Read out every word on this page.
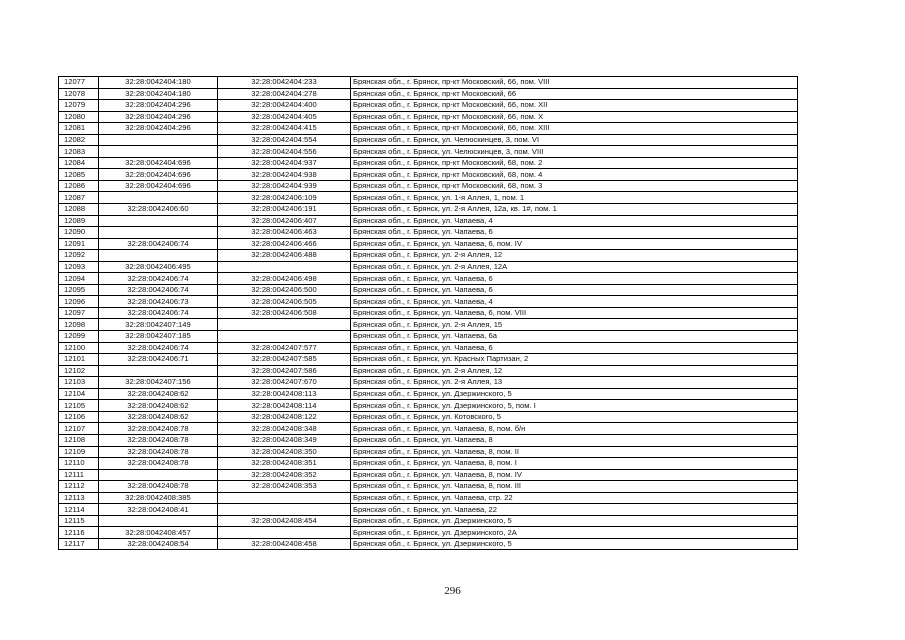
12077	32:28:0042404:180	32:28:0042404:233	Брянская обл., г. Брянск, пр-кт Московский, 66, пом. VIII
12078	32:28:0042404:180	32:28:0042404:278	Брянская обл., г. Брянск, пр-кт Московский, 66
12079	32:28:0042404:296	32:28:0042404:400	Брянская обл., г. Брянск, пр-кт Московский, 66, пом. XII
12080	32:28:0042404:296	32:28:0042404:405	Брянская обл., г. Брянск, пр-кт Московский, 66, пом. X
12081	32:28:0042404:296	32:28:0042404:415	Брянская обл., г. Брянск, пр-кт Московский, 66, пом. XIII
12082		32:28:0042404:554	Брянская обл., г. Брянск, ул. Челюскинцев, 3, пом. VI
12083		32:28:0042404:556	Брянская обл., г. Брянск, ул. Челюскинцев, 3, пом. VIII
12084	32:28:0042404:696	32:28:0042404:937	Брянская обл., г. Брянск, пр-кт Московский, 68, пом. 2
12085	32:28:0042404:696	32:28:0042404:938	Брянская обл., г. Брянск, пр-кт Московский, 68, пом. 4
12086	32:28:0042404:696	32:28:0042404:939	Брянская обл., г. Брянск, пр-кт Московский, 68, пом. 3
12087		32:28:0042406:109	Брянская обл., г. Брянск, ул. 1-я Аллея, 1, пом. 1
12088	32:28:0042406:60	32:28:0042406:191	Брянская обл., г. Брянск, ул. 2-я Аллея, 12а, кв. 1#, пом. 1
12089		32:28:0042406:407	Брянская обл., г. Брянск, ул. Чапаева, 4
12090		32:28:0042406:463	Брянская обл., г. Брянск, ул. Чапаева, 6
12091	32:28:0042406:74	32:28:0042406:466	Брянская обл., г. Брянск, ул. Чапаева, 6, пом. IV
12092		32:28:0042406:488	Брянская обл., г. Брянск, ул. 2-я Аллея, 12
12093	32:28:0042406:495		Брянская обл., г. Брянск, ул. 2-я Аллея, 12А
12094	32:28:0042406:74	32:28:0042406:498	Брянская обл., г. Брянск, ул. Чапаева, 6
12095	32:28:0042406:74	32:28:0042406:500	Брянская обл., г. Брянск, ул. Чапаева, 6
12096	32:28:0042406:73	32:28:0042406:505	Брянская обл., г. Брянск, ул. Чапаева, 4
12097	32:28:0042406:74	32:28:0042406:508	Брянская обл., г. Брянск, ул. Чапаева, 6, пом. VIII
12098	32:28:0042407:149		Брянская обл., г. Брянск, ул. 2-я Аллея, 15
12099	32:28:0042407:185		Брянская обл., г. Брянск, ул. Чапаева, 6а
12100	32:28:0042406:74	32:28:0042407:577	Брянская обл., г. Брянск, ул. Чапаева, 6
12101	32:28:0042406:71	32:28:0042407:585	Брянская обл., г. Брянск, ул. Красных Партизан, 2
12102		32:28:0042407:586	Брянская обл., г. Брянск, ул. 2-я Аллея, 12
12103	32:28:0042407:156	32:28:0042407:670	Брянская обл., г. Брянск, ул. 2-я Аллея, 13
12104	32:28:0042408:62	32:28:0042408:113	Брянская обл., г. Брянск, ул. Дзержинского, 5
12105	32:28:0042408:62	32:28:0042408:114	Брянская обл., г. Брянск, ул. Дзержинского, 5, пом. I
12106	32:28:0042408:62	32:28:0042408:122	Брянская обл., г. Брянск, ул. Котовского, 5
12107	32:28:0042408:78	32:28:0042408:348	Брянская обл., г. Брянск, ул. Чапаева, 8, пом. б/н
12108	32:28:0042408:78	32:28:0042408:349	Брянская обл., г. Брянск, ул. Чапаева, 8
12109	32:28:0042408:78	32:28:0042408:350	Брянская обл., г. Брянск, ул. Чапаева, 8, пом. II
12110	32:28:0042408:78	32:28:0042408:351	Брянская обл., г. Брянск, ул. Чапаева, 8, пом. I
12111		32:28:0042408:352	Брянская обл., г. Брянск, ул. Чапаева, 8, пом. IV
12112	32:28:0042408:78	32:28:0042408:353	Брянская обл., г. Брянск, ул. Чапаева, 8, пом. III
12113	32:28:0042408:385		Брянская обл., г. Брянск, ул. Чапаева, стр. 22
12114	32:28:0042408:41		Брянская обл., г. Брянск, ул. Чапаева, 22
12115		32:28:0042408:454	Брянская обл., г. Брянск, ул. Дзержинского, 5
12116	32:28:0042408:457		Брянская обл., г. Брянск, ул. Дзержинского, 2А
12117	32:28:0042408:54	32:28:0042408:458	Брянская обл., г. Брянск, ул. Дзержинского, 5
296
